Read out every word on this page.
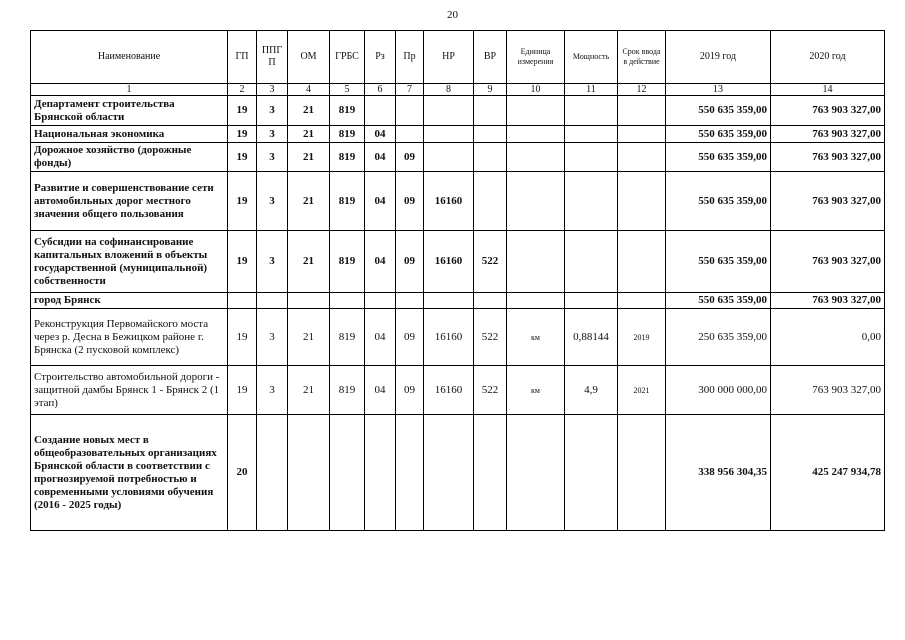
20
Наименование	ГП	ППГП	ОМ	ГРБС	Рз	Пр	НР	ВР	Единица измерения	Мощность	Срок ввода в действие	2019 год	2020 год
1	2	3	4	5	6	7	8	9	10	11	12	13	14
Департамент строительства Брянской области	19	3	21	819								550 635 359,00	763 903 327,00
Национальная экономика	19	3	21	819	04							550 635 359,00	763 903 327,00
Дорожное хозяйство (дорожные фонды)	19	3	21	819	04	09						550 635 359,00	763 903 327,00
Развитие и совершенствование сети автомобильных дорог местного значения общего пользования	19	3	21	819	04	09	16160					550 635 359,00	763 903 327,00
Субсидии на софинансирование капитальных вложений в объекты государственной (муниципальной) собственности	19	3	21	819	04	09	16160	522				550 635 359,00	763 903 327,00
город Брянск												550 635 359,00	763 903 327,00
Реконструкция Первомайского моста через р. Десна в Бежицком районе г. Брянска (2 пусковой комплекс)	19	3	21	819	04	09	16160	522	км	0,88144	2019	250 635 359,00	0,00
Строительство автомобильной дороги - защитной дамбы Брянск 1 - Брянск 2 (1 этап)	19	3	21	819	04	09	16160	522	км	4,9	2021	300 000 000,00	763 903 327,00
Создание новых мест в общеобразовательных организациях Брянской области в соответствии с прогнозируемой потребностью и современными условиями обучения (2016 - 2025 годы)	20											338 956 304,35	425 247 934,78
